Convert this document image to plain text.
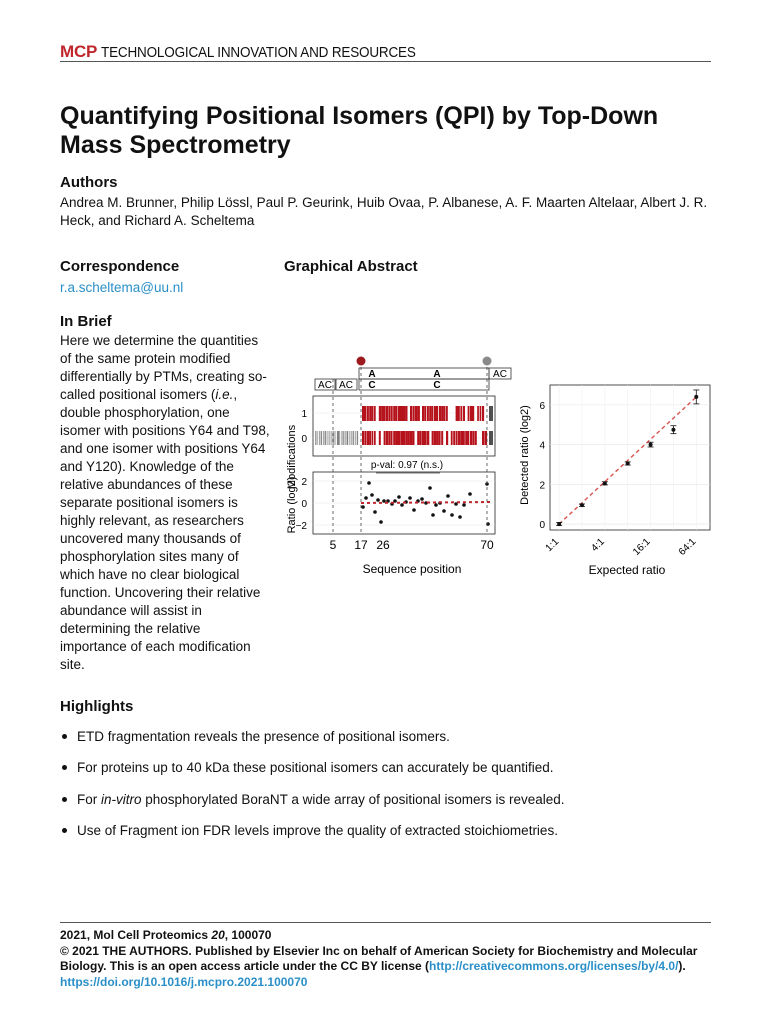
MCP TECHNOLOGICAL INNOVATION AND RESOURCES
Quantifying Positional Isomers (QPI) by Top-Down Mass Spectrometry
Authors
Andrea M. Brunner, Philip Lössl, Paul P. Geurink, Huib Ovaa, P. Albanese, A. F. Maarten Altelaar, Albert J. R. Heck, and Richard A. Scheltema
Correspondence
r.a.scheltema@uu.nl
Graphical Abstract
In Brief
Here we determine the quantities of the same protein modified differentially by PTMs, creating so-called positional isomers (i.e., double phosphorylation, one isomer with positions Y64 and T98, and one isomer with positions Y64 and Y120). Knowledge of the relative abundances of these separate positional isomers is highly relevant, as researchers uncovered many thousands of phosphorylation sites many of which have no clear biological function. Uncovering their relative abundance will assist in determining the relative importance of each modification site.
Modifications
Ratio (log2)
AC AC
A
C
A
C
AC
1
0
2
0
−2
p-val: 0.97 (n.s.)
5 17 26	70
Sequence position
Detected ratio (log2)
0
2
4
6
1:1	4:1 16:1 64:1
Expected ratio
Highlights
ETD fragmentation reveals the presence of positional isomers.
For proteins up to 40 kDa these positional isomers can accurately be quantified.
For in-vitro phosphorylated BoraNT a wide array of positional isomers is revealed.
Use of Fragment ion FDR levels improve the quality of extracted stoichiometries.
2021, Mol Cell Proteomics 20, 100070
© 2021 THE AUTHORS. Published by Elsevier Inc on behalf of American Society for Biochemistry and Molecular Biology. This is an open access article under the CC BY license (http://creativecommons.org/licenses/by/4.0/).
https://doi.org/10.1016/j.mcpro.2021.100070
